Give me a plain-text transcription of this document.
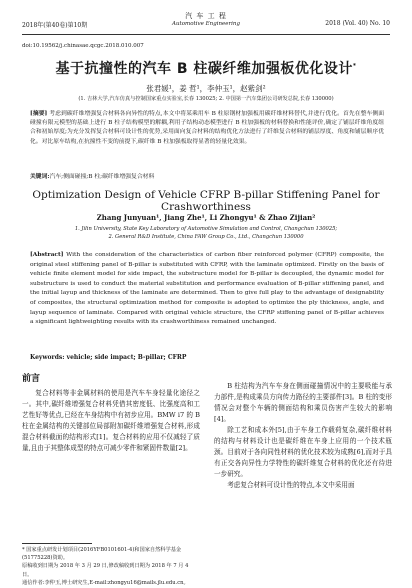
2018年(第40卷)第10期
汽 车 工 程
Automotive Engineering	2018 (Vol. 40) No. 10
doi:10.19562/j.chinasae.qcgc.2018.010.007
基于抗撞性的汽车 B 柱碳纤维加强板优化设计*
张君媛¹，姜 哲¹，李仲玉¹，赵紫剑²
(1. 吉林大学,汽车仿真与控制国家重点实验室,长春 130025; 2. 中国第一汽车集团公司研发总院,长春 130000)
[摘要] 考虑到碳纤维增强复合材料各向异性的特点,本文中将某乘用车 B 柱原钢材加强板用碳纤维材料替代,并进行优化。首先在整车侧面碰撞有限元模型的基础上进行 B 柱子结构模型的解耦,利用子结构动态模型进行 B 柱加强板的材料替换和性能评价,确定了铺层纤维角度组合和初始厚度;为充分发挥复合材料可设计性的优势,采用面向复合材料的结构优化方法进行了纤维复合材料的铺层厚度、角度和铺层顺序优化。对比原车结构,在抗撞性不变的前提下,碳纤维 B 柱加强板取得显著的轻量化效果。
关键词:汽车;侧面碰撞;B 柱;碳纤维增强复合材料
Optimization Design of Vehicle CFRP B-pillar Stiffening Panel for Crashworthiness
Zhang Junyuan¹, Jiang Zhe¹, Li Zhongyu¹ & Zhao Zijian²
1. Jilin University, State Key Laboratory of Automotive Simulation and Control, Changchun 130025;
2. General R&D Institute, China FAW Group Co., Ltd., Changchun 130000
[Abstract] With the consideration of the characteristics of carbon fiber reinforced polymer (CFRP) composite, the original steel stiffening panel of B-pillar is substituted with CFRP, with the laminate optimized. Firstly on the basis of vehicle finite element model for side impact, the substructure model for B-pillar is decoupled, the dynamic model for substructure is used to conduct the material substitution and performance evaluation of B-pillar stiffening panel, and the initial layup and thickness of the laminate are determined. Then to give full play to the advantage of designability of composites, the structural optimization method for composite is adopted to optimize the ply thickness, angle, and layup sequence of laminate. Compared with original vehicle structure, the CFRP stiffening panel of B-pillar achieves a significant lightweighting results with its crashworthiness remained unchanged.
Keywords: vehicle; side impact; B-pillar; CFRP
前言

复合材料等非金属材料的使用是汽车车身轻量化途径之一。其中,碳纤维增强复合材料凭借其密度低、比强度高和工艺性好等优点,已经在车身结构中有初步应用。BMW i7 的 B 柱在金属结构的关键部位局部附加碳纤维增强复合材料,形成混合材料截面的结构形式[1]。复合材料的应用不仅减轻了质量,且由于其整体成型的特点可减少零件和紧固件数量[2]。

B 柱结构为汽车车身在侧面碰撞情况中的主要吸能与承力部件,是构成乘员方向传力路径的主要部件[3]。B 柱的变形情况会对整个车辆的侧面结构和乘员伤害产生较大的影响[4]。

除工艺和成本外[5],由于车身工作载荷复杂,碳纤维材料的结构与材料设计也是碳纤维在车身上应用的一个技术瓶颈。目前对于各向同性材料的优化技术较为成熟[6],而对于具有正交各向异性力学特性的碳纤维复合材料的优化还有待进一步研究。

考虑复合材料可设计性的特点,本文中采用面

* 国家重点研发计划项目(2016YFB0101601-4)和国家自然科学基金(51775228)资助。
原稿收到日期为 2018 年 3 月 29 日,修改稿收到日期为 2018 年 7 月 4 日。
通信作者:李仲玉,博士研究生,E-mail:zhongyu16@mails.jlu.edu.cn。
